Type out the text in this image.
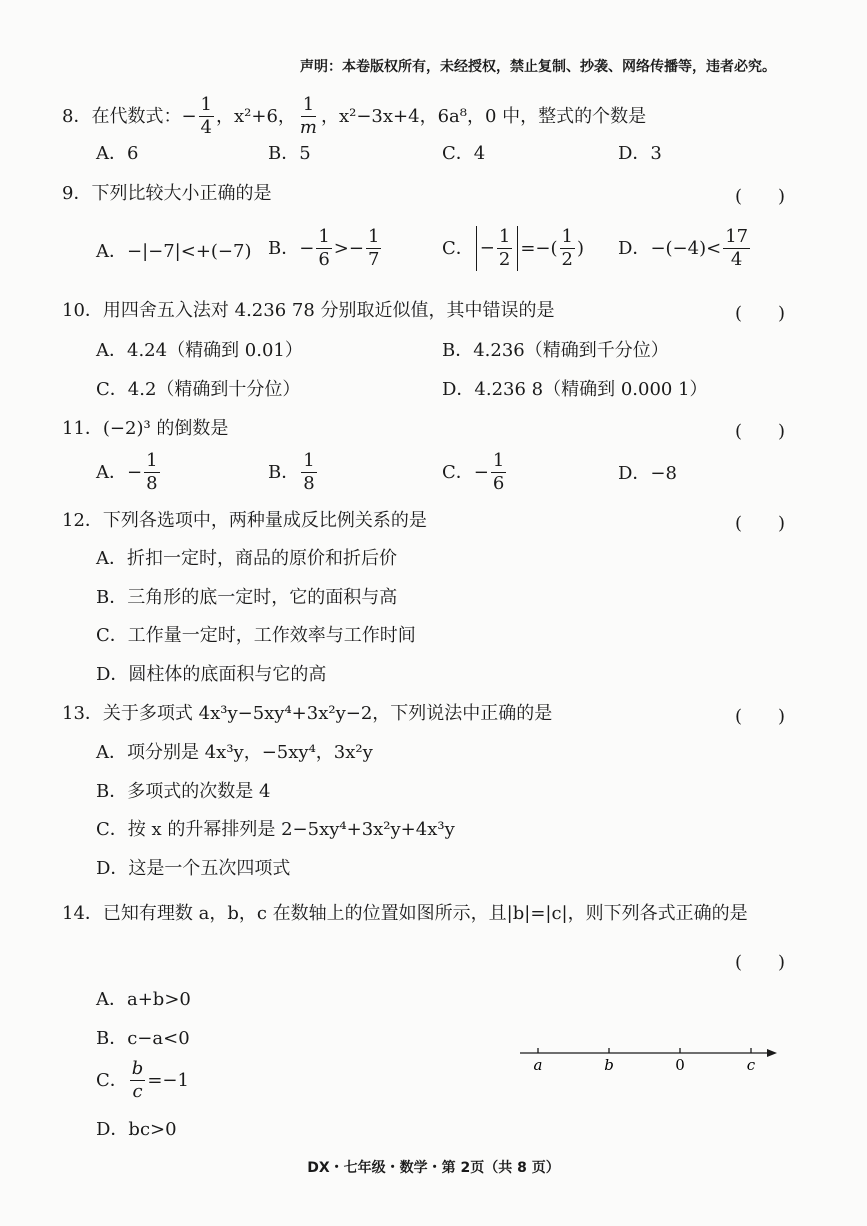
声明：本卷版权所有，未经授权，禁止复制、抄袭、网络传播等，违者必究。
8． 在代数式： − $\frac{1}{4}$ ，x²+6， $\frac{1}{m}$ ，x²−3x+4，6a⁸，0 中，整式的个数是
A．6	B．5	C．4	D．3
9．下列比较大小正确的是	(　　)
A．−|−7|<+(−7) B． − $\frac{1}{6} >- \frac{1}{7}$	C． − $\frac{1}{2}$ =−( $\frac{1}{2}$ ) D． $-(-4)< \frac{17}{4}$
10．用四舍五入法对 4.236 78 分别取近似值，其中错误的是	(　　)
A．4.24（精确到 0.01）	B．4.236（精确到千分位）
C．4.2（精确到十分位）	D．4.236 8（精确到 0.000 1）
11．(−2)³ 的倒数是	(　　)
A． − $\frac{1}{8}$	B． $\frac{1}{8}$	C． − $\frac{1}{6}$	D．−8
12．下列各选项中，两种量成反比例关系的是	(　　)
A．折扣一定时，商品的原价和折后价
B．三角形的底一定时，它的面积与高
C．工作量一定时，工作效率与工作时间
D．圆柱体的底面积与它的高
13．关于多项式 4x³y−5xy⁴+3x²y−2，下列说法中正确的是	(　　)
A．项分别是 4x³y，−5xy⁴，3x²y
B．多项式的次数是 4
C．按 x 的升幂排列是 2−5xy⁴+3x²y+4x³y
D．这是一个五次四项式
14．已知有理数 a，b，c 在数轴上的位置如图所示，且|b|=|c|，则下列各式正确的是
(　　)
A．a+b>0
B．c−a<0
C． $\frac{b}{c} =-1$
D．bc>0
a	b	0	c
DX・七年级・数学・第 2页（共 8 页）
